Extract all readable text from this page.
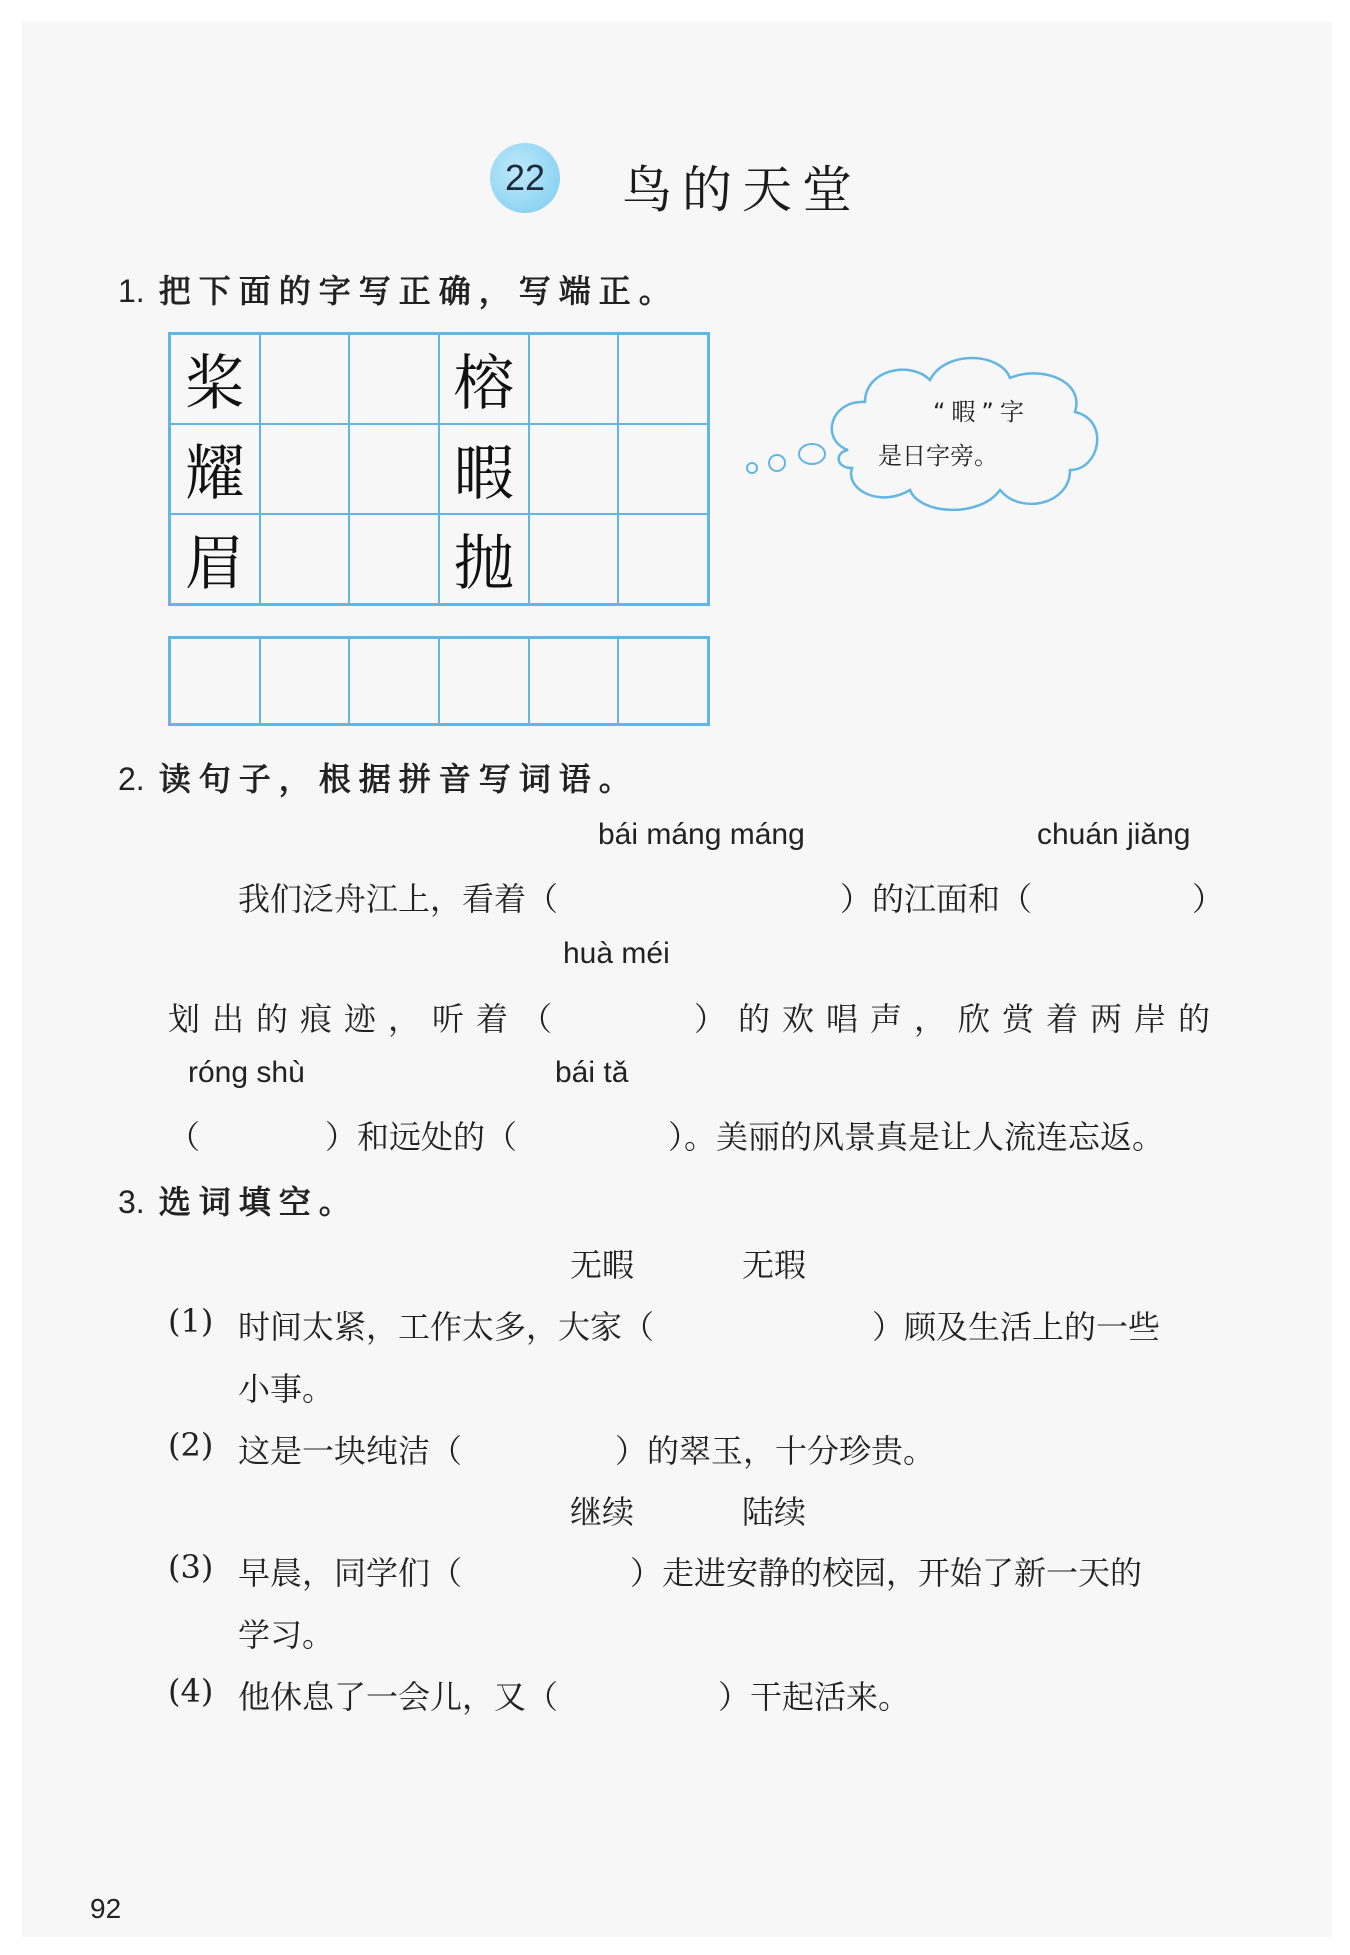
22 鸟的天堂
1. 把下面的字写正确，写端正。
桨	榕
耀	暇
眉	抛
“暇”字
是日字旁。
2. 读句子，根据拼音写词语。
bái máng máng	chuán jiǎng
我们泛舟江上，看着（	）的江面和（	）
huà méi
划出的痕迹，听着（	）的欢唱声，欣赏着两岸的
róng shù	bái tǎ
（	）和远处的（	）。美丽的风景真是让人流连忘返。
3. 选词填空。
无暇	无瑕
(1) 时间太紧，工作太多，大家（	）顾及生活上的一些
小事。
(2) 这是一块纯洁（	）的翠玉，十分珍贵。
继续	陆续
(3) 早晨，同学们（	）走进安静的校园，开始了新一天的
学习。
(4) 他休息了一会儿，又（	）干起活来。
92
